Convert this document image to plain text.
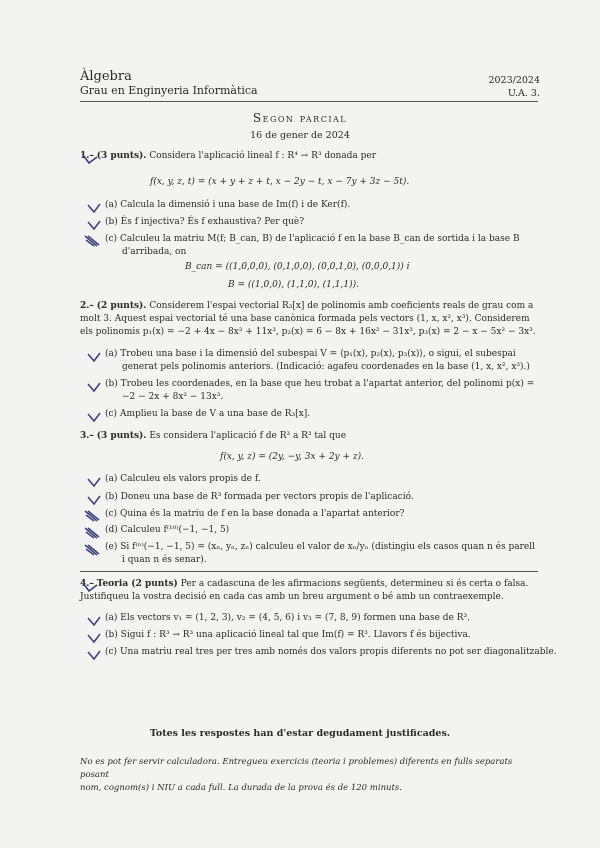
Àlgebra
Grau en Enginyeria Informàtica
2023/2024
U.A. 3.
Segon parcial
16 de gener de 2024
1.– (3 punts). Considera l'aplicació lineal f : R⁴ → R³ donada per
f(x, y, z, t) = (x + y + z + t, x − 2y − t, x − 7y + 3z − 5t).
(a) Calcula la dimensió i una base de Im(f) i de Ker(f).
(b) És f injectiva? És f exhaustiva? Per què?
(c) Calculeu la matriu M(f; B_can, B) de l'aplicació f en la base B_can de sortida i la base B
d'arribada, on
B_can = ((1,0,0,0), (0,1,0,0), (0,0,1,0), (0,0,0,1)) i
B = ((1,0,0), (1,1,0), (1,1,1)).
2.– (2 punts). Considerem l'espai vectorial R₃[x] de polinomis amb coeficients reals de grau com a
molt 3. Aquest espai vectorial té una base canònica formada pels vectors (1, x, x², x³). Considerem
els polinomis p₁(x) = −2 + 4x − 8x² + 11x³, p₂(x) = 6 − 8x + 16x² − 31x³, p₃(x) = 2 − x − 5x² − 3x³.
(a) Trobeu una base i la dimensió del subespai V = ⟨p₁(x), p₂(x), p₃(x)⟩, o sigui, el subespai
generat pels polinomis anteriors. (Indicació: agafeu coordenades en la base (1, x, x², x³).)
(b) Trobeu les coordenades, en la base que heu trobat a l'apartat anterior, del polinomi p(x) =
−2 − 2x + 8x² − 13x³.
(c) Amplieu la base de V a una base de R₃[x].
3.– (3 punts). Es considera l'aplicació f de R³ a R³ tal que
f(x, y, z) = (2y, −y, 3x + 2y + z).
(a) Calculeu els valors propis de f.
(b) Doneu una base de R³ formada per vectors propis de l'aplicació.
(c) Quina és la matriu de f en la base donada a l'apartat anterior?
(d) Calculeu f⁽¹⁰⁾(−1, −1, 5)
(e) Si f⁽ⁿ⁾(−1, −1, 5) = (xₙ, yₙ, zₙ) calculeu el valor de xₙ/yₙ (distingiu els casos quan n és parell
i quan n és senar).
4.– Teoria (2 punts) Per a cadascuna de les afirmacions següents, determineu si és certa o falsa.
Justifiqueu la vostra decisió en cada cas amb un breu argument o bé amb un contraexemple.
(a) Els vectors v₁ = (1, 2, 3), v₂ = (4, 5, 6) i v₃ = (7, 8, 9) formen una base de R³.
(b) Sigui f : R³ → R³ una aplicació lineal tal que Im(f) = R³. Llavors f és bijectiva.
(c) Una matriu real tres per tres amb només dos valors propis diferents no pot ser diagonalitzable.
Totes les respostes han d'estar degudament justificades.
No es pot fer servir calculadora. Entregueu exercicis (teoria i problemes) diferents en fulls separats posant
nom, cognom(s) i NIU a cada full. La durada de la prova és de 120 minuts.
